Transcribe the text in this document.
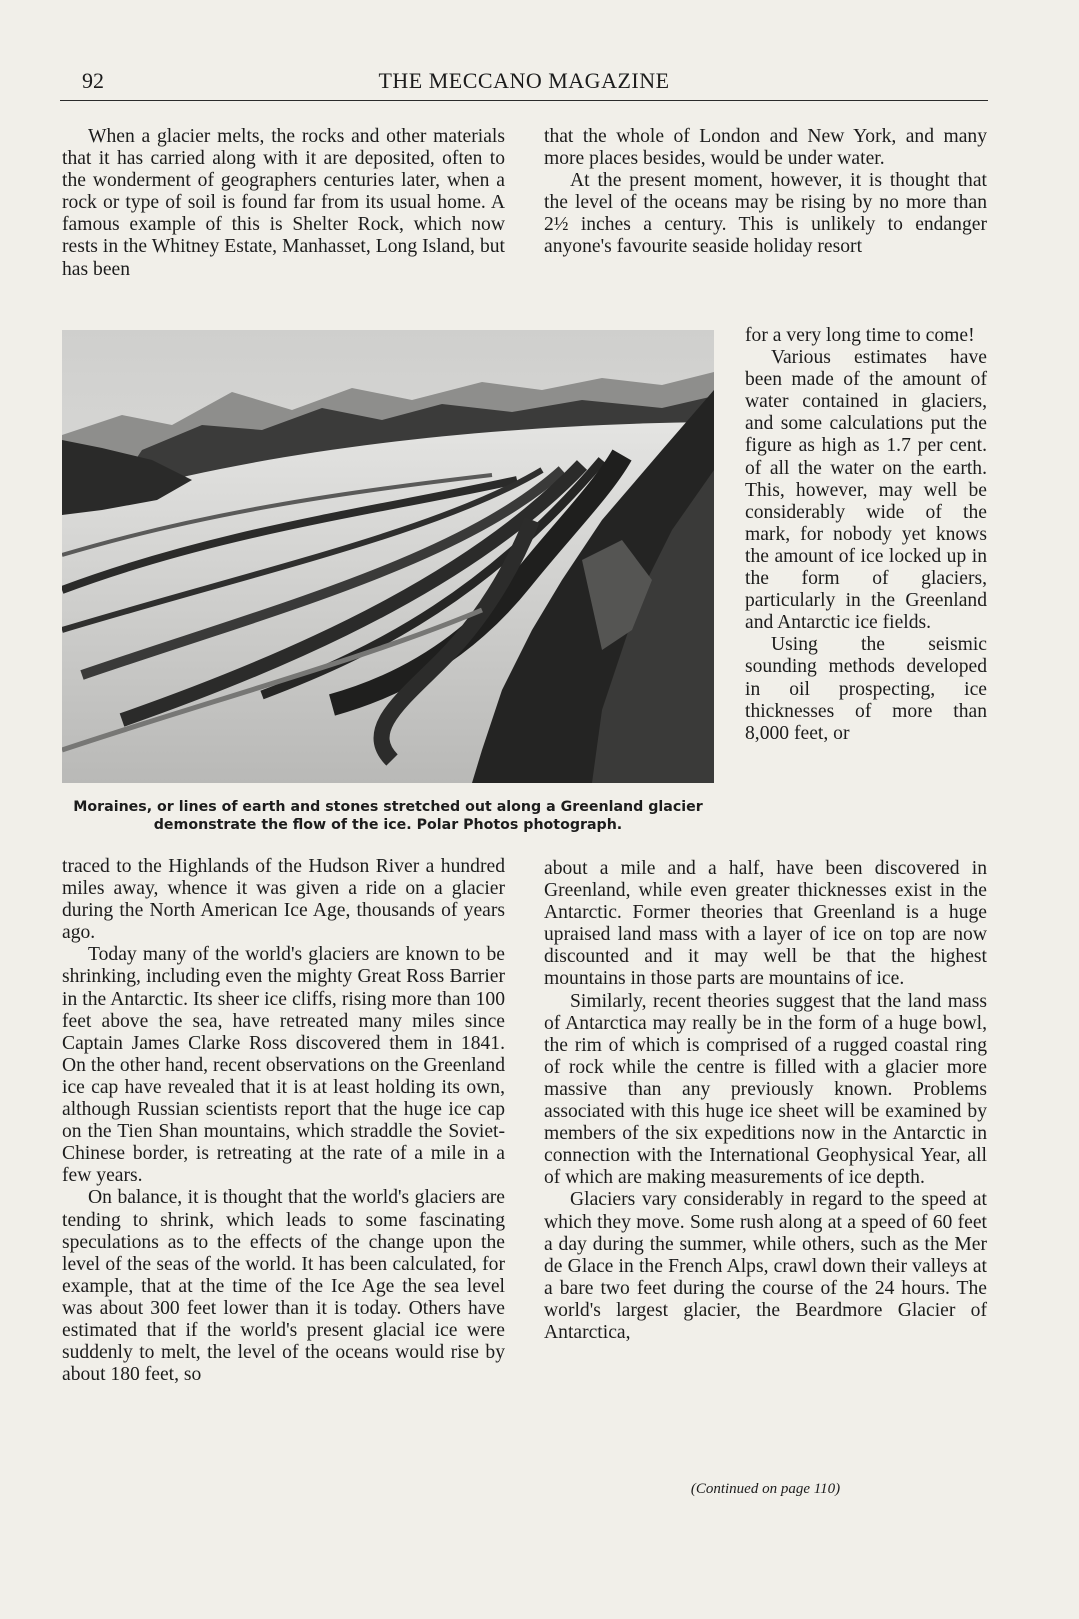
92	THE MECCANO MAGAZINE

When a glacier melts, the rocks and other materials that it has carried along with it are deposited, often to the wonderment of geographers centuries later, when a rock or type of soil is found far from its usual home. A famous example of this is Shelter Rock, which now rests in the Whitney Estate, Manhasset, Long Island, but has been

Moraines, or lines of earth and stones stretched out along a Greenland glacier
demonstrate the flow of the ice. Polar Photos photograph.

traced to the Highlands of the Hudson River a hundred miles away, whence it was given a ride on a glacier during the North American Ice Age, thousands of years ago.

Today many of the world's glaciers are known to be shrinking, including even the mighty Great Ross Barrier in the Antarctic. Its sheer ice cliffs, rising more than 100 feet above the sea, have retreated many miles since Captain James Clarke Ross discovered them in 1841. On the other hand, recent observations on the Greenland ice cap have revealed that it is at least holding its own, although Russian scientists report that the huge ice cap on the Tien Shan mountains, which straddle the Soviet-Chinese border, is retreating at the rate of a mile in a few years.

On balance, it is thought that the world's glaciers are tending to shrink, which leads to some fascinating speculations as to the effects of the change upon the level of the seas of the world. It has been calculated, for example, that at the time of the Ice Age the sea level was about 300 feet lower than it is today. Others have estimated that if the world's present glacial ice were suddenly to melt, the level of the oceans would rise by about 180 feet, so

that the whole of London and New York, and many more places besides, would be under water.

At the present moment, however, it is thought that the level of the oceans may be rising by no more than 2½ inches a century. This is unlikely to endanger anyone's favourite seaside holiday resort

for a very long time to come!

Various estimates have been made of the amount of water contained in glaciers, and some calculations put the figure as high as 1.7 per cent. of all the water on the earth. This, however, may well be considerably wide of the mark, for nobody yet knows the amount of ice locked up in the form of glaciers, particularly in the Greenland and Antarctic ice fields.

Using the seismic sounding methods developed in oil prospecting, ice thicknesses of more than 8,000 feet, or

about a mile and a half, have been discovered in Greenland, while even greater thicknesses exist in the Antarctic. Former theories that Greenland is a huge upraised land mass with a layer of ice on top are now discounted and it may well be that the highest mountains in those parts are mountains of ice.

Similarly, recent theories suggest that the land mass of Antarctica may really be in the form of a huge bowl, the rim of which is comprised of a rugged coastal ring of rock while the centre is filled with a glacier more massive than any previously known. Problems associated with this huge ice sheet will be examined by members of the six expeditions now in the Antarctic in connection with the International Geophysical Year, all of which are making measurements of ice depth.

Glaciers vary considerably in regard to the speed at which they move. Some rush along at a speed of 60 feet a day during the summer, while others, such as the Mer de Glace in the French Alps, crawl down their valleys at a bare two feet during the course of the 24 hours. The world's largest glacier, the Beardmore Glacier of Antarctica,

(Continued on page 110)
